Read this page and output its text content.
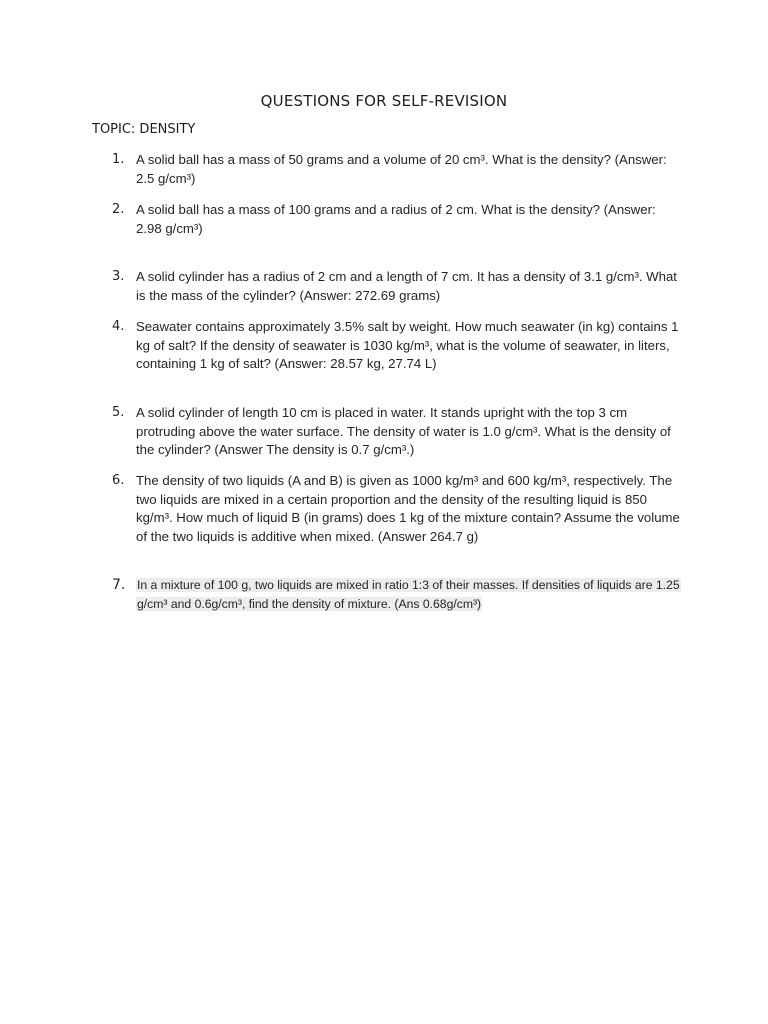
QUESTIONS FOR SELF-REVISION
TOPIC: DENSITY
1. A solid ball has a mass of 50 grams and a volume of 20 cm³. What is the density? (Answer: 2.5 g/cm³)
2. A solid ball has a mass of 100 grams and a radius of 2 cm. What is the density? (Answer: 2.98 g/cm³)
3. A solid cylinder has a radius of 2 cm and a length of 7 cm. It has a density of 3.1 g/cm³. What is the mass of the cylinder? (Answer: 272.69 grams)
4. Seawater contains approximately 3.5% salt by weight. How much seawater (in kg) contains 1 kg of salt? If the density of seawater is 1030 kg/m³, what is the volume of seawater, in liters, containing 1 kg of salt? (Answer: 28.57 kg, 27.74 L)
5. A solid cylinder of length 10 cm is placed in water. It stands upright with the top 3 cm protruding above the water surface. The density of water is 1.0 g/cm³. What is the density of the cylinder? (Answer The density is 0.7 g/cm³.)
6. The density of two liquids (A and B) is given as 1000 kg/m³ and 600 kg/m³, respectively. The two liquids are mixed in a certain proportion and the density of the resulting liquid is 850 kg/m³. How much of liquid B (in grams) does 1 kg of the mixture contain? Assume the volume of the two liquids is additive when mixed. (Answer 264.7 g)
7. In a mixture of 100 g, two liquids are mixed in ratio 1:3 of their masses. If densities of liquids are 1.25 g/cm³ and 0.6g/cm³, find the density of mixture. (Ans 0.68g/cm³)
